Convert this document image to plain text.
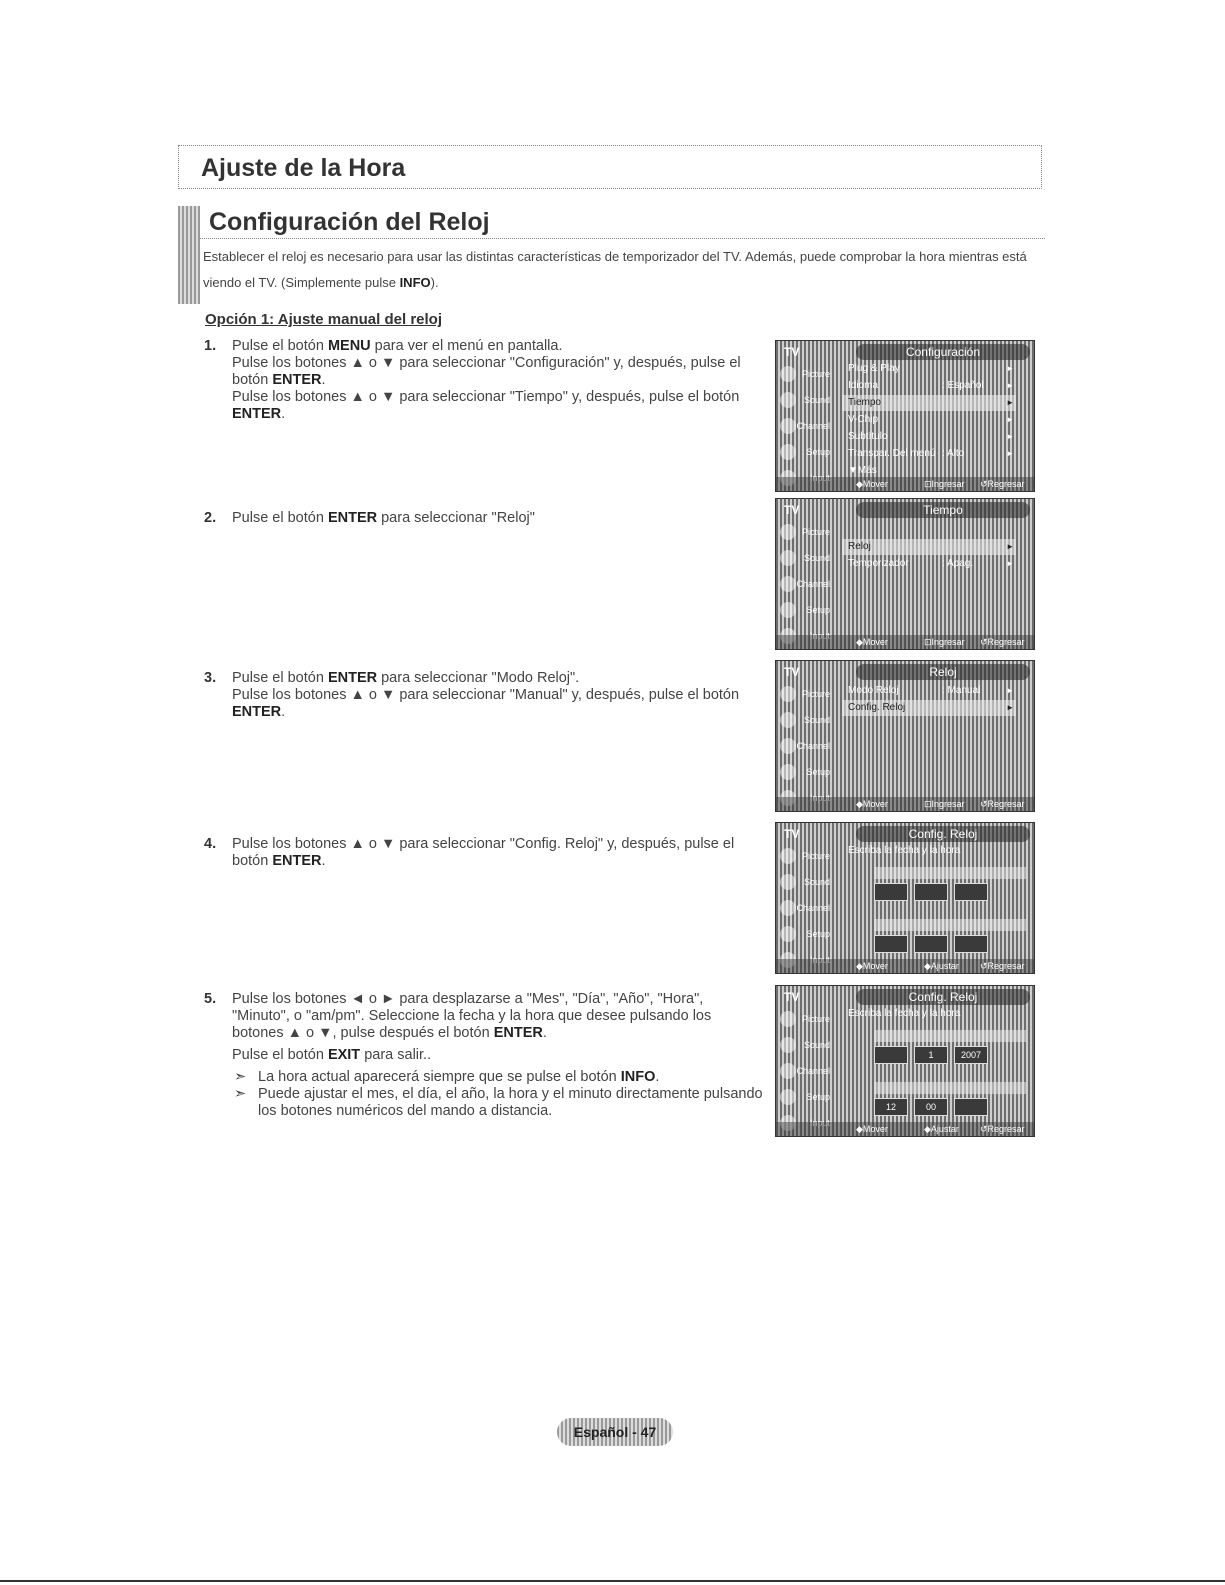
Ajuste de la Hora
Configuración del Reloj
Establecer el reloj es necesario para usar las distintas características de temporizador del TV. Además, puede comprobar la hora mientras está viendo el TV. (Simplemente pulse INFO).
Opción 1: Ajuste manual del reloj
1. Pulse el botón MENU para ver el menú en pantalla.
Pulse los botones ▲ o ▼ para seleccionar "Configuración" y, después, pulse el botón ENTER.
Pulse los botones ▲ o ▼ para seleccionar "Tiempo" y, después, pulse el botón ENTER.
2. Pulse el botón ENTER para seleccionar "Reloj"
3. Pulse el botón ENTER para seleccionar "Modo Reloj".
Pulse los botones ▲ o ▼ para seleccionar "Manual" y, después, pulse el botón ENTER.
4. Pulse los botones ▲ o ▼ para seleccionar "Config. Reloj" y, después, pulse el botón ENTER.
5. Pulse los botones ◄ o ► para desplazarse a "Mes", "Día", "Año", "Hora", "Minuto", o "am/pm". Seleccione la fecha y la hora que desee pulsando los botones ▲ o ▼, pulse después el botón ENTER.
Pulse el botón EXIT para salir..
➣ La hora actual aparecerá siempre que se pulse el botón INFO.
➣ Puede ajustar el mes, el día, el año, la hora y el minuto directamente pulsando los botones numéricos del mando a distancia.
TV	Configuración
Picture
Sound
Channel
Setup
Input
Plug & Play	►
Idioma	: Español	►
Tiempo	►
V-Chip	►
Subtítulo	►
Transpar. Del menú : Alto	►
▼Más
◆Mover	⊡Ingresar ↺Regresar
TV	Tiempo
Picture
Sound
Channel
Setup
Input
Reloj	►
Temporizador	: Apag.	►
◆Mover	⊡Ingresar ↺Regresar
TV	Reloj
Picture
Sound
Channel
Setup
Input
Modo Reloj	: Manual	►
Config. Reloj	►
◆Mover	⊡Ingresar ↺Regresar
TV	Config. Reloj
Picture
Sound
Channel
Setup
Input
Escriba la fecha y la hora
◆Mover	◆Ajustar ↺Regresar
TV	Config. Reloj
Picture
Sound
Channel
Setup
Input
Escriba la fecha y la hora
1	2007
12	00
◆Mover	◆Ajustar ↺Regresar
Español - 47
